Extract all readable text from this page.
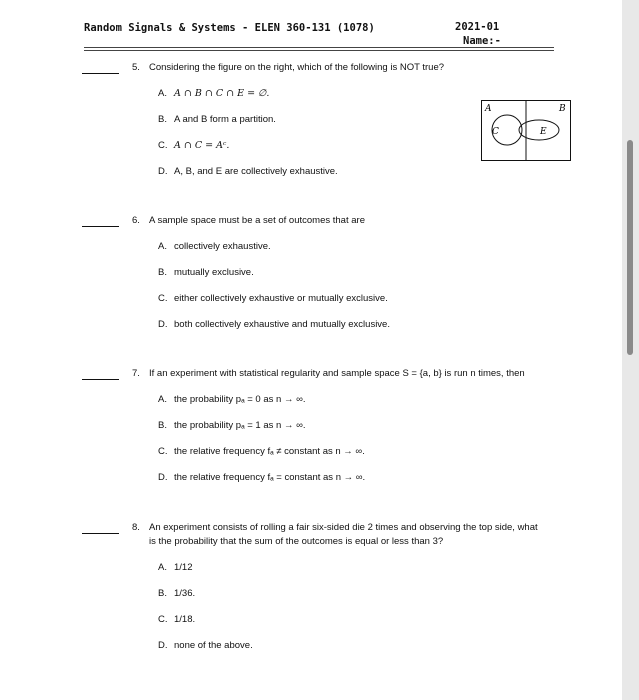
Random Signals & Systems - ELEN 360-131 (1078)	2021-01
Name:-
5. Considering the figure on the right, which of the following is NOT true?
A. A ∩ B ∩ C ∩ E = ∅.
B. A and B form a partition.
C. A ∩ C = Aᶜ.
D. A, B, and E are collectively exhaustive.
A	B
C	E
6. A sample space must be a set of outcomes that are
A. collectively exhaustive.
B. mutually exclusive.
C. either collectively exhaustive or mutually exclusive.
D. both collectively exhaustive and mutually exclusive.
7. If an experiment with statistical regularity and sample space S = {a, b} is run n times, then
A. the probability pₐ = 0 as n → ∞.
B. the probability pₐ = 1 as n → ∞.
C. the relative frequency fₐ ≠ constant as n → ∞.
D. the relative frequency fₐ = constant as n → ∞.
8. An experiment consists of rolling a fair six-sided die 2 times and observing the top side, what
is the probability that the sum of the outcomes is equal or less than 3?
A. 1/12
B. 1/36.
C. 1/18.
D. none of the above.
